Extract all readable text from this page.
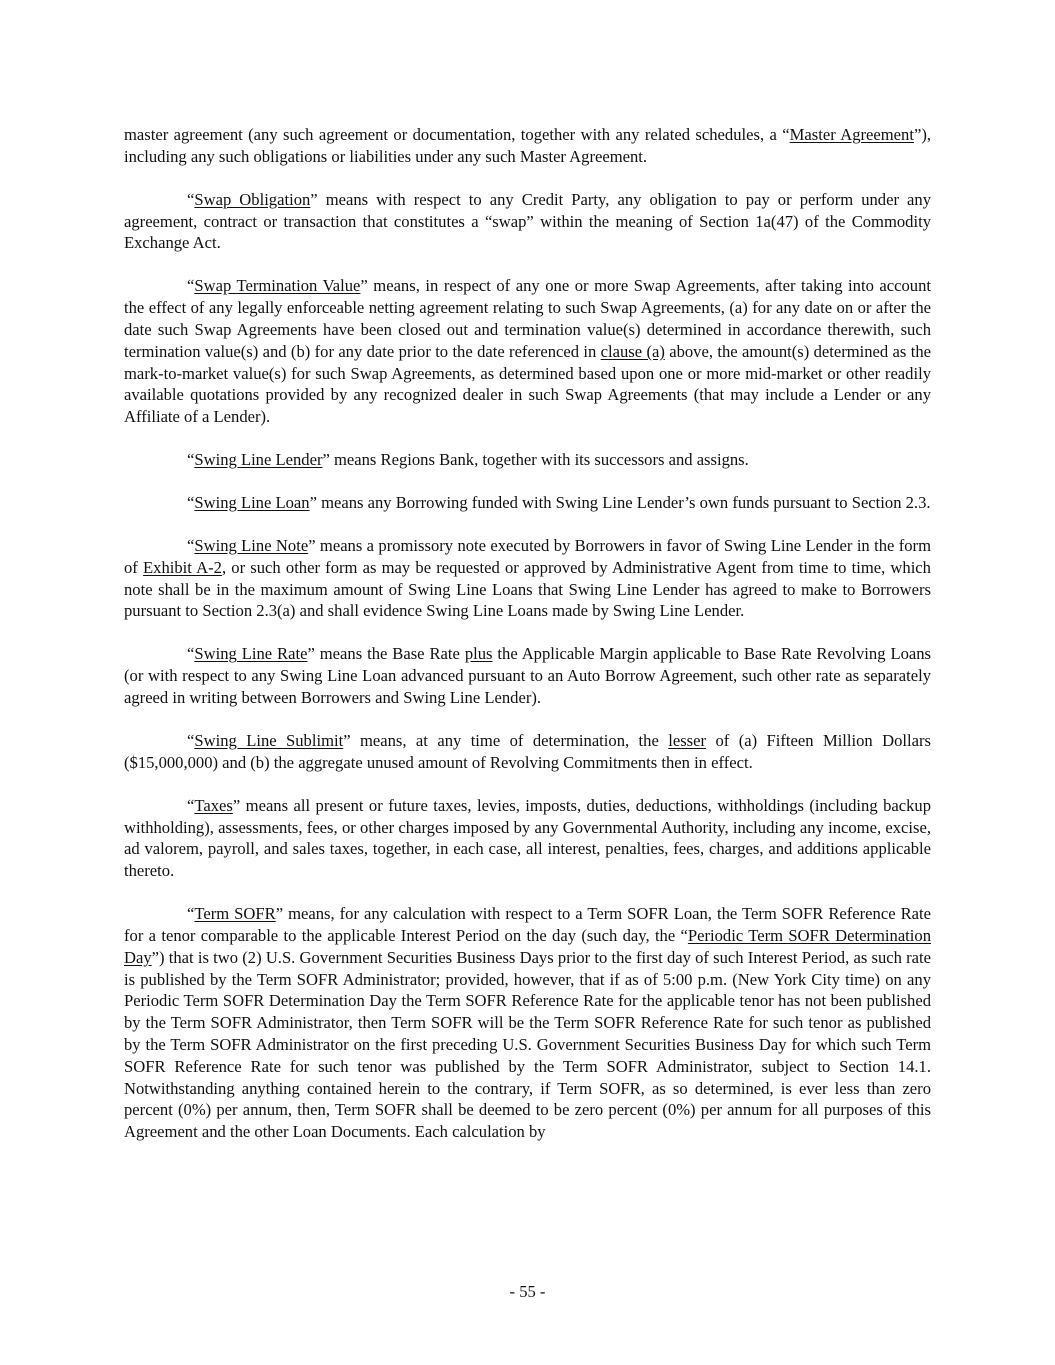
master agreement (any such agreement or documentation, together with any related schedules, a “Master Agreement”), including any such obligations or liabilities under any such Master Agreement.

“Swap Obligation” means with respect to any Credit Party, any obligation to pay or perform under any agreement, contract or transaction that constitutes a “swap” within the meaning of Section 1a(47) of the Commodity Exchange Act.

“Swap Termination Value” means, in respect of any one or more Swap Agreements, after taking into account the effect of any legally enforceable netting agreement relating to such Swap Agreements, (a) for any date on or after the date such Swap Agreements have been closed out and termination value(s) determined in accordance therewith, such termination value(s) and (b) for any date prior to the date referenced in clause (a) above, the amount(s) determined as the mark-to-market value(s) for such Swap Agreements, as determined based upon one or more mid-market or other readily available quotations provided by any recognized dealer in such Swap Agreements (that may include a Lender or any Affiliate of a Lender).

“Swing Line Lender” means Regions Bank, together with its successors and assigns.

“Swing Line Loan” means any Borrowing funded with Swing Line Lender’s own funds pursuant to Section 2.3.

“Swing Line Note” means a promissory note executed by Borrowers in favor of Swing Line Lender in the form of Exhibit A-2, or such other form as may be requested or approved by Administrative Agent from time to time, which note shall be in the maximum amount of Swing Line Loans that Swing Line Lender has agreed to make to Borrowers pursuant to Section 2.3(a) and shall evidence Swing Line Loans made by Swing Line Lender.

“Swing Line Rate” means the Base Rate plus the Applicable Margin applicable to Base Rate Revolving Loans (or with respect to any Swing Line Loan advanced pursuant to an Auto Borrow Agreement, such other rate as separately agreed in writing between Borrowers and Swing Line Lender).

“Swing Line Sublimit” means, at any time of determination, the lesser of (a) Fifteen Million Dollars ($15,000,000) and (b) the aggregate unused amount of Revolving Commitments then in effect.

“Taxes” means all present or future taxes, levies, imposts, duties, deductions, withholdings (including backup withholding), assessments, fees, or other charges imposed by any Governmental Authority, including any income, excise, ad valorem, payroll, and sales taxes, together, in each case, all interest, penalties, fees, charges, and additions applicable thereto.

“Term SOFR” means, for any calculation with respect to a Term SOFR Loan, the Term SOFR Reference Rate for a tenor comparable to the applicable Interest Period on the day (such day, the “Periodic Term SOFR Determination Day”) that is two (2) U.S. Government Securities Business Days prior to the first day of such Interest Period, as such rate is published by the Term SOFR Administrator; provided, however, that if as of 5:00 p.m. (New York City time) on any Periodic Term SOFR Determination Day the Term SOFR Reference Rate for the applicable tenor has not been published by the Term SOFR Administrator, then Term SOFR will be the Term SOFR Reference Rate for such tenor as published by the Term SOFR Administrator on the first preceding U.S. Government Securities Business Day for which such Term SOFR Reference Rate for such tenor was published by the Term SOFR Administrator, subject to Section 14.1. Notwithstanding anything contained herein to the contrary, if Term SOFR, as so determined, is ever less than zero percent (0%) per annum, then, Term SOFR shall be deemed to be zero percent (0%) per annum for all purposes of this Agreement and the other Loan Documents. Each calculation by

- 55 -
